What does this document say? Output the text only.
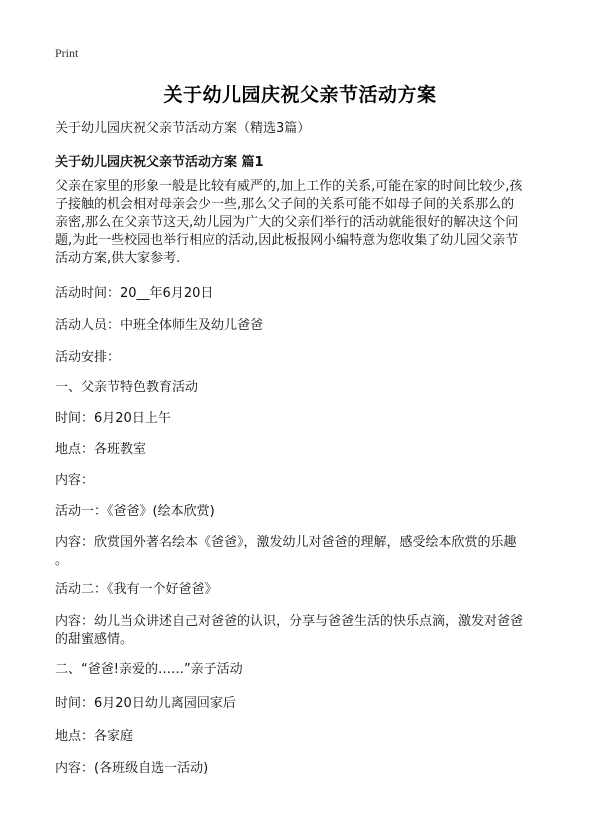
Print
关于幼儿园庆祝父亲节活动方案
关于幼儿园庆祝父亲节活动方案（精选3篇）
关于幼儿园庆祝父亲节活动方案 篇1
父亲在家里的形象一般是比较有威严的,加上工作的关系,可能在家的时间比较少,孩
子接触的机会相对母亲会少一些,那么父子间的关系可能不如母子间的关系那么的
亲密,那么在父亲节这天,幼儿园为广大的父亲们举行的活动就能很好的解决这个问
题,为此一些校园也举行相应的活动,因此板报网小编特意为您收集了幼儿园父亲节
活动方案,供大家参考.
活动时间：20__年6月20日
活动人员：中班全体师生及幼儿爸爸
活动安排：
一、父亲节特色教育活动
时间：6月20日上午
地点：各班教室
内容：
活动一：《爸爸》(绘本欣赏)
内容：欣赏国外著名绘本《爸爸》，激发幼儿对爸爸的理解，感受绘本欣赏的乐趣
。
活动二：《我有一个好爸爸》
内容：幼儿当众讲述自己对爸爸的认识，分享与爸爸生活的快乐点滴，激发对爸爸
的甜蜜感情。
二、“爸爸!亲爱的……”亲子活动
时间：6月20日幼儿离园回家后
地点：各家庭
内容：(各班级自选一活动)
